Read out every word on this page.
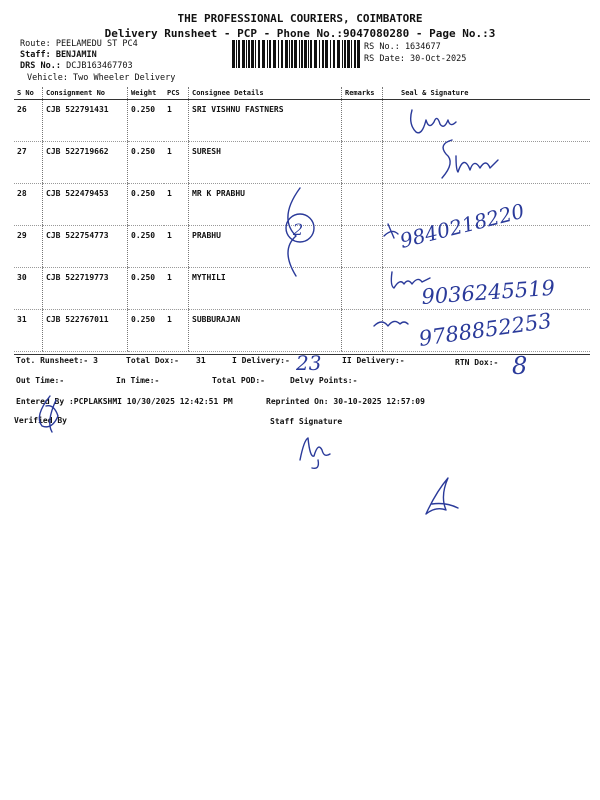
THE PROFESSIONAL COURIERS, COIMBATORE
Delivery Runsheet - PCP - Phone No.:9047080280 - Page No.:3
Route: PEELAMEDU ST PC4
Staff: BENJAMIN
DRS No.: DCJB163467703
Vehicle: Two Wheeler Delivery
RS No.: 1634677
RS Date: 30-Oct-2025
S No	Consignment No	Weight	PCS	Consignee Details	Remarks	Seal & Signature
26	CJB 522791431	0.250	1	SRI VISHNU FASTNERS		
27	CJB 522719662	0.250	1	SURESH		
28	CJB 522479453	0.250	1	MR K PRABHU		
29	CJB 522754773	0.250	1	PRABHU		
30	CJB 522719773	0.250	1	MYTHILI		
31	CJB 522767011	0.250	1	SUBBURAJAN		
Tot. Runsheet:- 3	Total Dox:- 31	I Delivery:-	II Delivery:-	RTN Dox:-
Out Time:-	In Time:-	Total POD:-	Delvy Points:-
Entered By :PCPLAKSHMI 10/30/2025 12:42:51 PM	Reprinted On: 30-10-2025 12:57:09
Verified By	Staff Signature
2	9840218220
9036245519
9788852253
23	8
